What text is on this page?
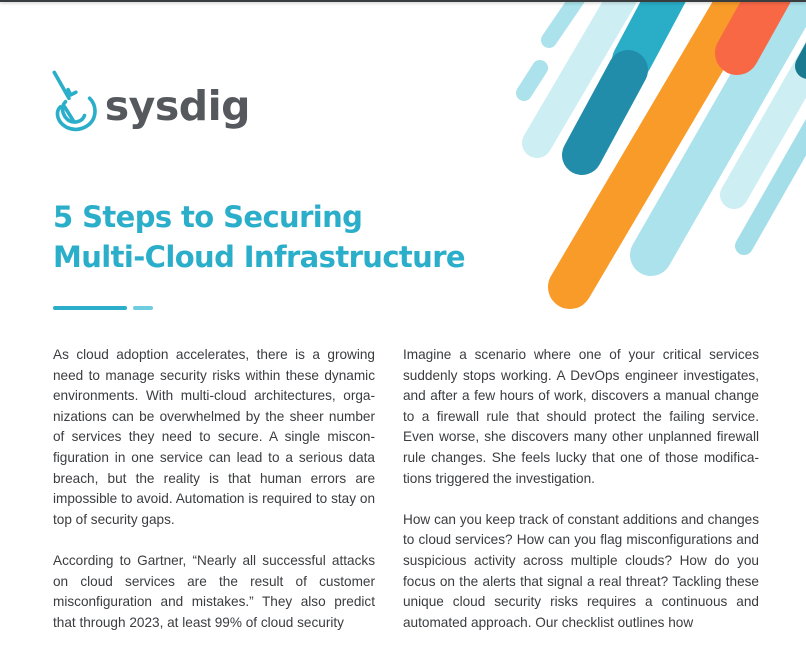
sysdig
5 Steps to Securing
Multi-Cloud Infrastructure

As cloud adoption accelerates, there is a growing need to manage security risks within these dynamic environments. With multi-cloud architectures, organizations can be overwhelmed by the sheer number of services they need to secure. A single misconfiguration in one service can lead to a serious data breach, but the reality is that human errors are impossible to avoid. Automation is required to stay on top of security gaps.

According to Gartner, “Nearly all successful attacks on cloud services are the result of customer misconfiguration and mistakes.” They also predict that through 2023, at least 99% of cloud security

Imagine a scenario where one of your critical services suddenly stops working. A DevOps engineer investigates, and after a few hours of work, discovers a manual change to a firewall rule that should protect the failing service. Even worse, she discovers many other unplanned firewall rule changes. She feels lucky that one of those modifications triggered the investigation.

How can you keep track of constant additions and changes to cloud services? How can you flag misconfigurations and suspicious activity across multiple clouds? How do you focus on the alerts that signal a real threat? Tackling these unique cloud security risks requires a continuous and automated approach. Our checklist outlines how
